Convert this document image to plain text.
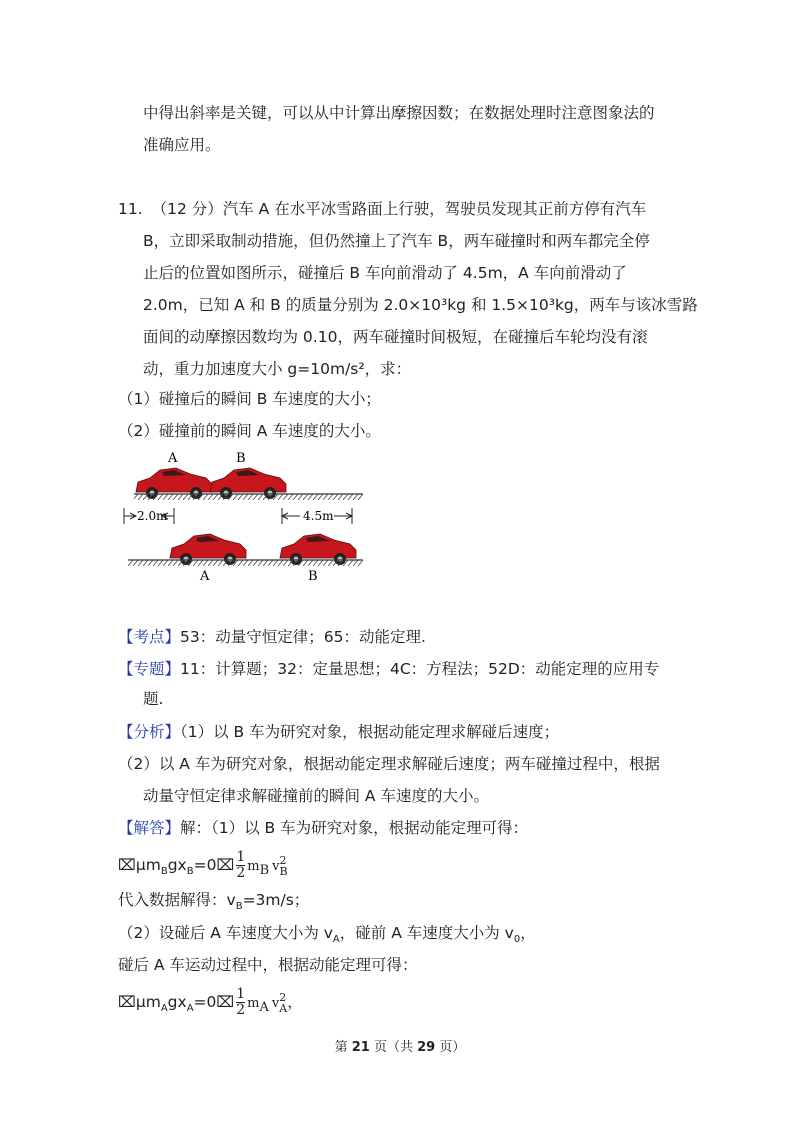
中得出斜率是关键，可以从中计算出摩擦因数；在数据处理时注意图象法的
准确应用。
11. （12 分）汽车 A 在水平冰雪路面上行驶，驾驶员发现其正前方停有汽车
B，立即采取制动措施，但仍然撞上了汽车 B，两车碰撞时和两车都完全停
止后的位置如图所示，碰撞后 B 车向前滑动了 4.5m，A 车向前滑动了
2.0m，已知 A 和 B 的质量分别为 2.0×10³kg 和 1.5×10³kg，两车与该冰雪路
面间的动摩擦因数均为 0.10，两车碰撞时间极短，在碰撞后车轮均没有滚
动，重力加速度大小 g=10m/s²，求：
（1）碰撞后的瞬间 B 车速度的大小；
（2）碰撞前的瞬间 A 车速度的大小。
A	B
2.0m	4.5m
A	B
【考点】53：动量守恒定律；65：动能定理.
【专题】11：计算题；32：定量思想；4C：方程法；52D：动能定理的应用专
题.
【分析】（1）以 B 车为研究对象，根据动能定理求解碰后速度；
（2）以 A 车为研究对象，根据动能定理求解碰后速度；两车碰撞过程中，根据
动量守恒定律求解碰撞前的瞬间 A 车速度的大小。
【解答】解：（1）以 B 车为研究对象，根据动能定理可得：
$⌧\mu m_Bgx_B=0⌧ \frac{1}{2} m_B$ v 2
B
代入数据解得：$v_B=3m/s$；
（2）设碰后 A 车速度大小为 $v_A$，碰前 A 车速度大小为 $v_0$，
碰后 A 车运动过程中，根据动能定理可得：
$⌧\mu m_Agx_A=0⌧ \frac{1}{2} m_A$ v 2
A ，
第 21 页（共 29 页）
